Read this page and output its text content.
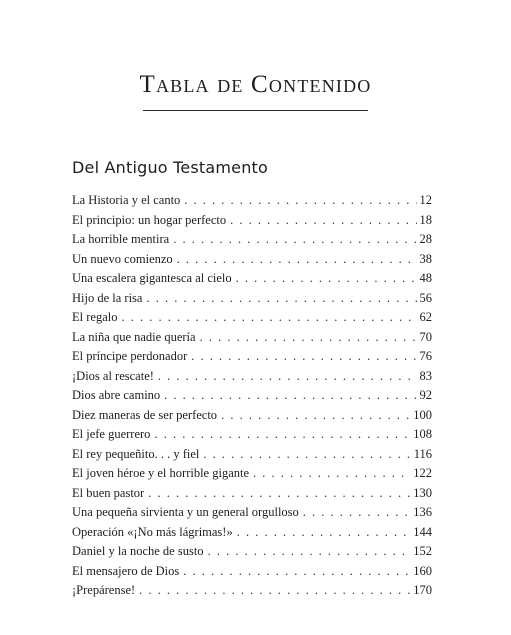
Tabla de Contenido
Del Antiguo Testamento
La Historia y el canto . . .	12
El principio: un hogar perfecto . . .	18
La horrible mentira . . .	28
Un nuevo comienzo . . .	38
Una escalera gigantesca al cielo . . .	48
Hijo de la risa . . .	56
El regalo . . .	62
La niña que nadie quería . . .	70
El príncipe perdonador . . .	76
¡Dios al rescate! . . .	83
Dios abre camino . . .	92
Diez maneras de ser perfecto . . .	100
El jefe guerrero . . .	108
El rey pequeñito. . . y fiel . . .	116
El joven héroe y el horrible gigante . . .	122
El buen pastor . . .	130
Una pequeña sirvienta y un general orgulloso . . .	136
Operación «¡No más lágrimas!» . . .	144
Daniel y la noche de susto . . .	152
El mensajero de Dios . . .	160
¡Prepárense! . . .	170
